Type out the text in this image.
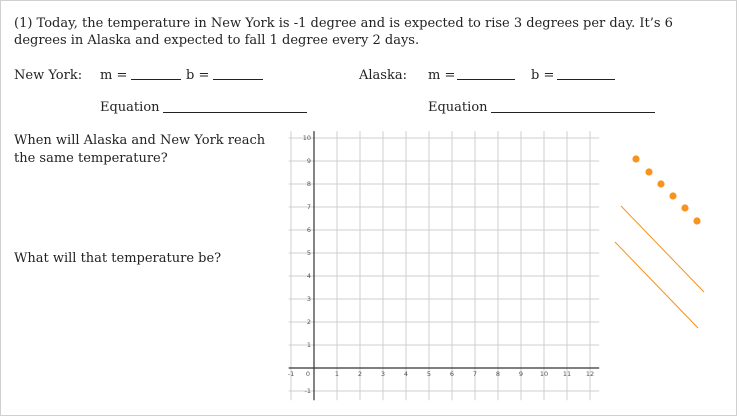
(1) Today, the temperature in New York is -1 degree and is expected to rise 3 degrees per day. It’s 6 degrees in Alaska and expected to fall 1 degree every 2 days.
New York: m =	b =
Equation
Alaska: m =	b =
Equation
When will Alaska and New York reach
the same temperature?
What will that temperature be?
-1 0	1	2	3	4	5	6	7	8	9	10 11 12
10
9
8
7
6
5
4
3
2
1
-1
